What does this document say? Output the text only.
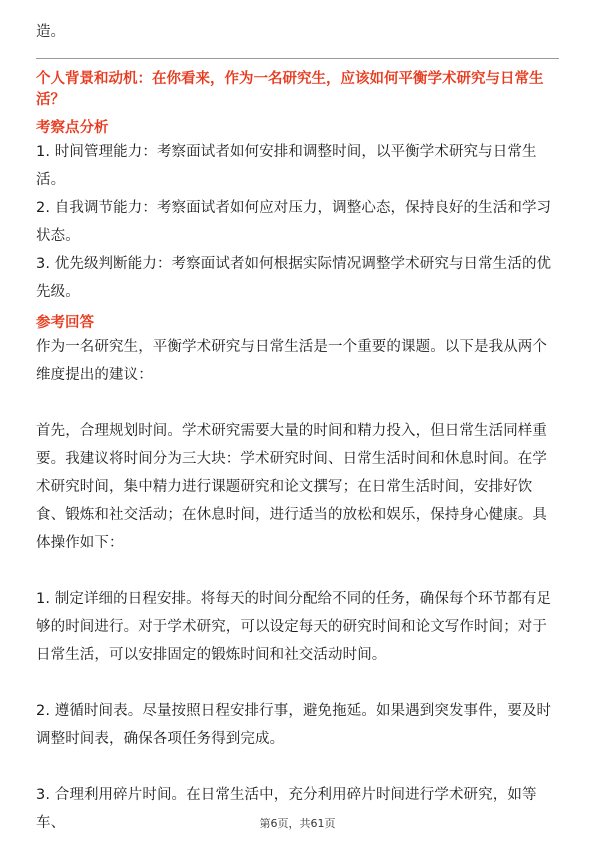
造。

个人背景和动机：在你看来，作为一名研究生，应该如何平衡学术研究与日常生活？

考察点分析

1. 时间管理能力：考察面试者如何安排和调整时间，以平衡学术研究与日常生活。

2. 自我调节能力：考察面试者如何应对压力，调整心态，保持良好的生活和学习状态。

3. 优先级判断能力：考察面试者如何根据实际情况调整学术研究与日常生活的优先级。

参考回答

作为一名研究生，平衡学术研究与日常生活是一个重要的课题。以下是我从两个维度提出的建议：

首先，合理规划时间。学术研究需要大量的时间和精力投入，但日常生活同样重要。我建议将时间分为三大块：学术研究时间、日常生活时间和休息时间。在学术研究时间，集中精力进行课题研究和论文撰写；在日常生活时间，安排好饮食、锻炼和社交活动；在休息时间，进行适当的放松和娱乐，保持身心健康。具体操作如下：

1. 制定详细的日程安排。将每天的时间分配给不同的任务，确保每个环节都有足够的时间进行。对于学术研究，可以设定每天的研究时间和论文写作时间；对于日常生活，可以安排固定的锻炼时间和社交活动时间。

2. 遵循时间表。尽量按照日程安排行事，避免拖延。如果遇到突发事件，要及时调整时间表，确保各项任务得到完成。

3. 合理利用碎片时间。在日常生活中，充分利用碎片时间进行学术研究，如等车、	第6页，共61页
